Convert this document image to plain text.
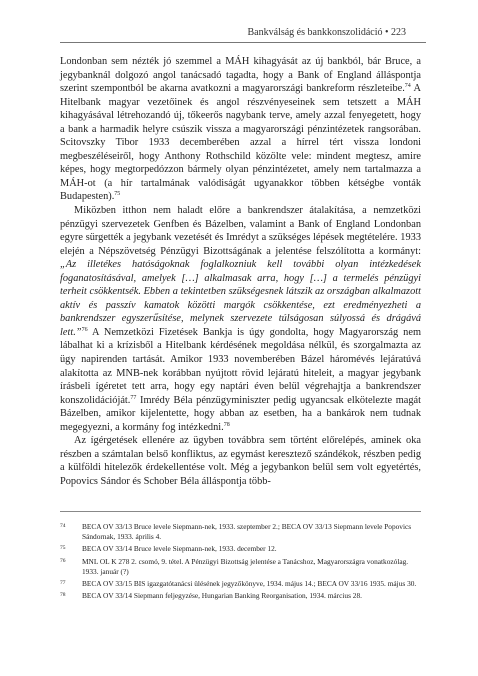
Bankválság és bankkonszolidáció • 223

Londonban sem nézték jó szemmel a MÁH kihagyását az új bankból, bár Bruce, a jegybanknál dolgozó angol tanácsadó tagadta, hogy a Bank of England álláspontja szerint szempontból be akarna avatkozni a magyarországi bankreform részleteibe.$^{74}$ A Hitelbank magyar vezetőinek és angol részvényeseinek sem tetszett a MÁH kihagyásával létrehozandó új, tőkeerős nagybank terve, amely azzal fenyegetett, hogy a bank a harmadik helyre csúszik vissza a magyarországi pénzintézetek rangsorában. Scitovszky Tibor 1933 decemberében azzal a hírrel tért vissza londoni megbeszéléseiről, hogy Anthony Rothschild közölte vele: mindent megtesz, amire képes, hogy megtorpedózzon bármely olyan pénzintézetet, amely nem tartalmazza a MÁH-ot (a hír tartalmának valódiságát ugyanakkor többen kétségbe vonták Budapesten).$^{75}$

Miközben itthon nem haladt előre a bankrendszer átalakítása, a nemzetközi pénzügyi szervezetek Genfben és Bázelben, valamint a Bank of England Londonban egyre sürgették a jegybank vezetését és Imrédyt a szükséges lépések megtételére. 1933 elején a Népszövetség Pénzügyi Bizottságának a jelentése felszólította a kormányt: „Az illetékes hatóságoknak foglalkozniuk kell további olyan intézkedések foganatosításával, amelyek […] alkalmasak arra, hogy […] a termelés pénzügyi terheit csökkentsék. Ebben a tekintetben szükségesnek látszik az országban alkalmazott aktív és passzív kamatok közötti margók csökkentése, ezt eredményezheti a bankrendszer egyszerűsítése, melynek szervezete túlságosan súlyossá és drágává lett.”$^{76}$ A Nemzetközi Fizetések Bankja is úgy gondolta, hogy Magyarország nem lábalhat ki a krízisből a Hitelbank kérdésének megoldása nélkül, és szorgalmazta az ügy napirenden tartását. Amikor 1933 novemberében Bázel háromévés lejáratúvá alakította az MNB-nek korábban nyújtott rövid lejáratú hiteleit, a magyar jegybank írásbeli ígéretet tett arra, hogy egy naptári éven belül végrehajtja a bankrendszer konszolidációját.$^{77}$ Imrédy Béla pénzügyminiszter pedig ugyancsak elkötelezte magát Bázelben, amikor kijelentette, hogy abban az esetben, ha a bankárok nem tudnak megegyezni, a kormány fog intézkedni.$^{78}$

Az ígérgetések ellenére az ügyben továbbra sem történt előrelépés, aminek oka részben a számtalan belső konfliktus, az egymást keresztező szándékok, részben pedig a külföldi hitelezők érdekellentése volt. Még a jegybankon belül sem volt egyetértés, Popovics Sándor és Schober Béla álláspontja több-

74 BECA OV 33/13 Bruce levele Siepmann-nek, 1933. szeptember 2.; BECA OV 33/13 Siepmann levele Popovics Sándornak, 1933. április 4.
75 BECA OV 33/14 Bruce levele Siepmann-nek, 1933. december 12.
76 MNL OL K 278 2. csomó, 9. tétel. A Pénzügyi Bizottság jelentése a Tanácshoz, Magyarországra vonatkozólag. 1933. január (?)
77 BECA OV 33/15 BIS igazgatótanácsi ülésének jegyzőkönyve, 1934. május 14.; BECA OV 33/16 1935. május 30.
78 BECA OV 33/14 Siepmann feljegyzése, Hungarian Banking Reorganisation, 1934. március 28.
